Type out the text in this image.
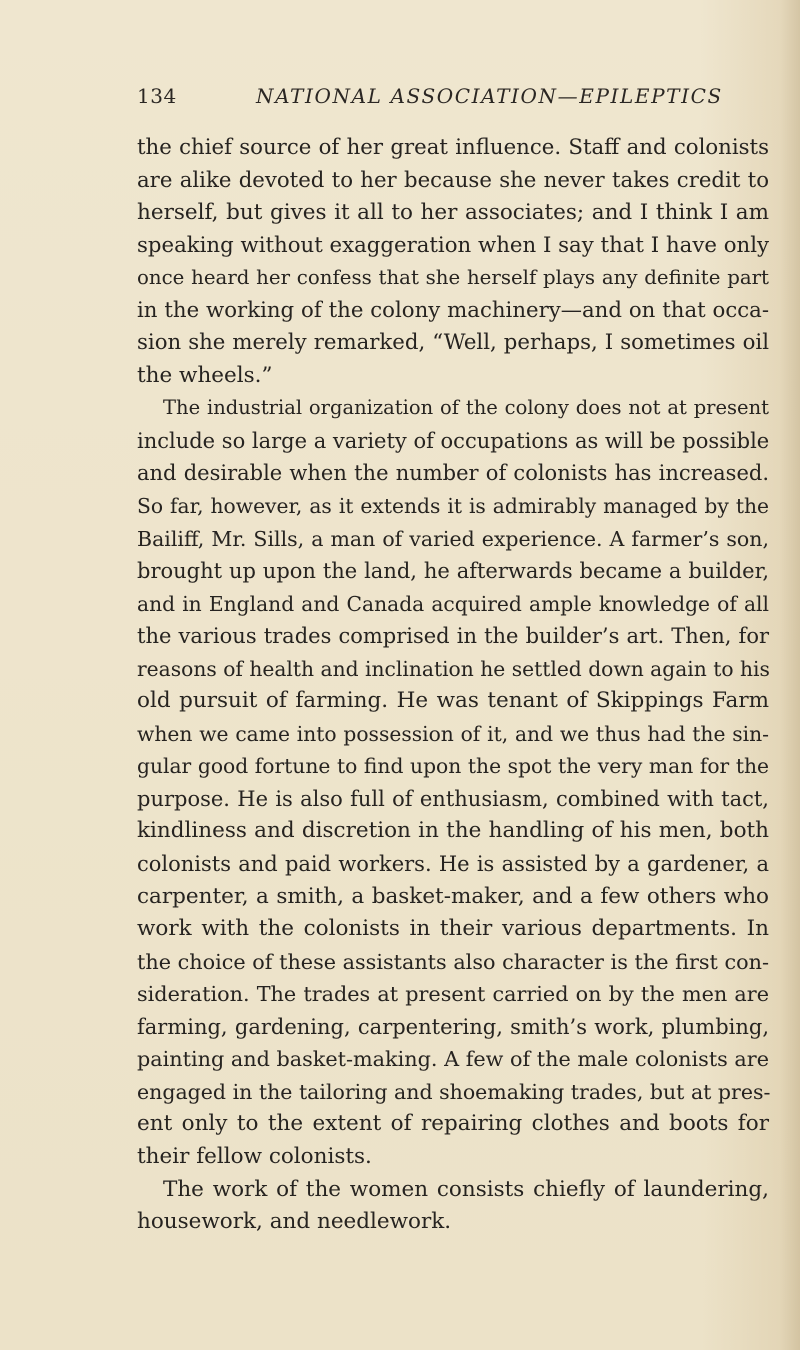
134	NATIONAL ASSOCIATION—EPILEPTICS
the chief source of her great influence. Staff and colonists
are alike devoted to her because she never takes credit to
herself, but gives it all to her associates; and I think I am
speaking without exaggeration when I say that I have only
once heard her confess that she herself plays any definite part
in the working of the colony machinery—and on that occa-
sion she merely remarked, “Well, perhaps, I sometimes oil
the wheels.”
The industrial organization of the colony does not at present
include so large a variety of occupations as will be possible
and desirable when the number of colonists has increased.
So far, however, as it extends it is admirably managed by the
Bailiff, Mr. Sills, a man of varied experience. A farmer’s son,
brought up upon the land, he afterwards became a builder,
and in England and Canada acquired ample knowledge of all
the various trades comprised in the builder’s art. Then, for
reasons of health and inclination he settled down again to his
old pursuit of farming. He was tenant of Skippings Farm
when we came into possession of it, and we thus had the sin-
gular good fortune to find upon the spot the very man for the
purpose. He is also full of enthusiasm, combined with tact,
kindliness and discretion in the handling of his men, both
colonists and paid workers. He is assisted by a gardener, a
carpenter, a smith, a basket-maker, and a few others who
work with the colonists in their various departments. In
the choice of these assistants also character is the first con-
sideration. The trades at present carried on by the men are
farming, gardening, carpentering, smith’s work, plumbing,
painting and basket-making. A few of the male colonists are
engaged in the tailoring and shoemaking trades, but at pres-
ent only to the extent of repairing clothes and boots for
their fellow colonists.
The work of the women consists chiefly of laundering,
housework, and needlework.
